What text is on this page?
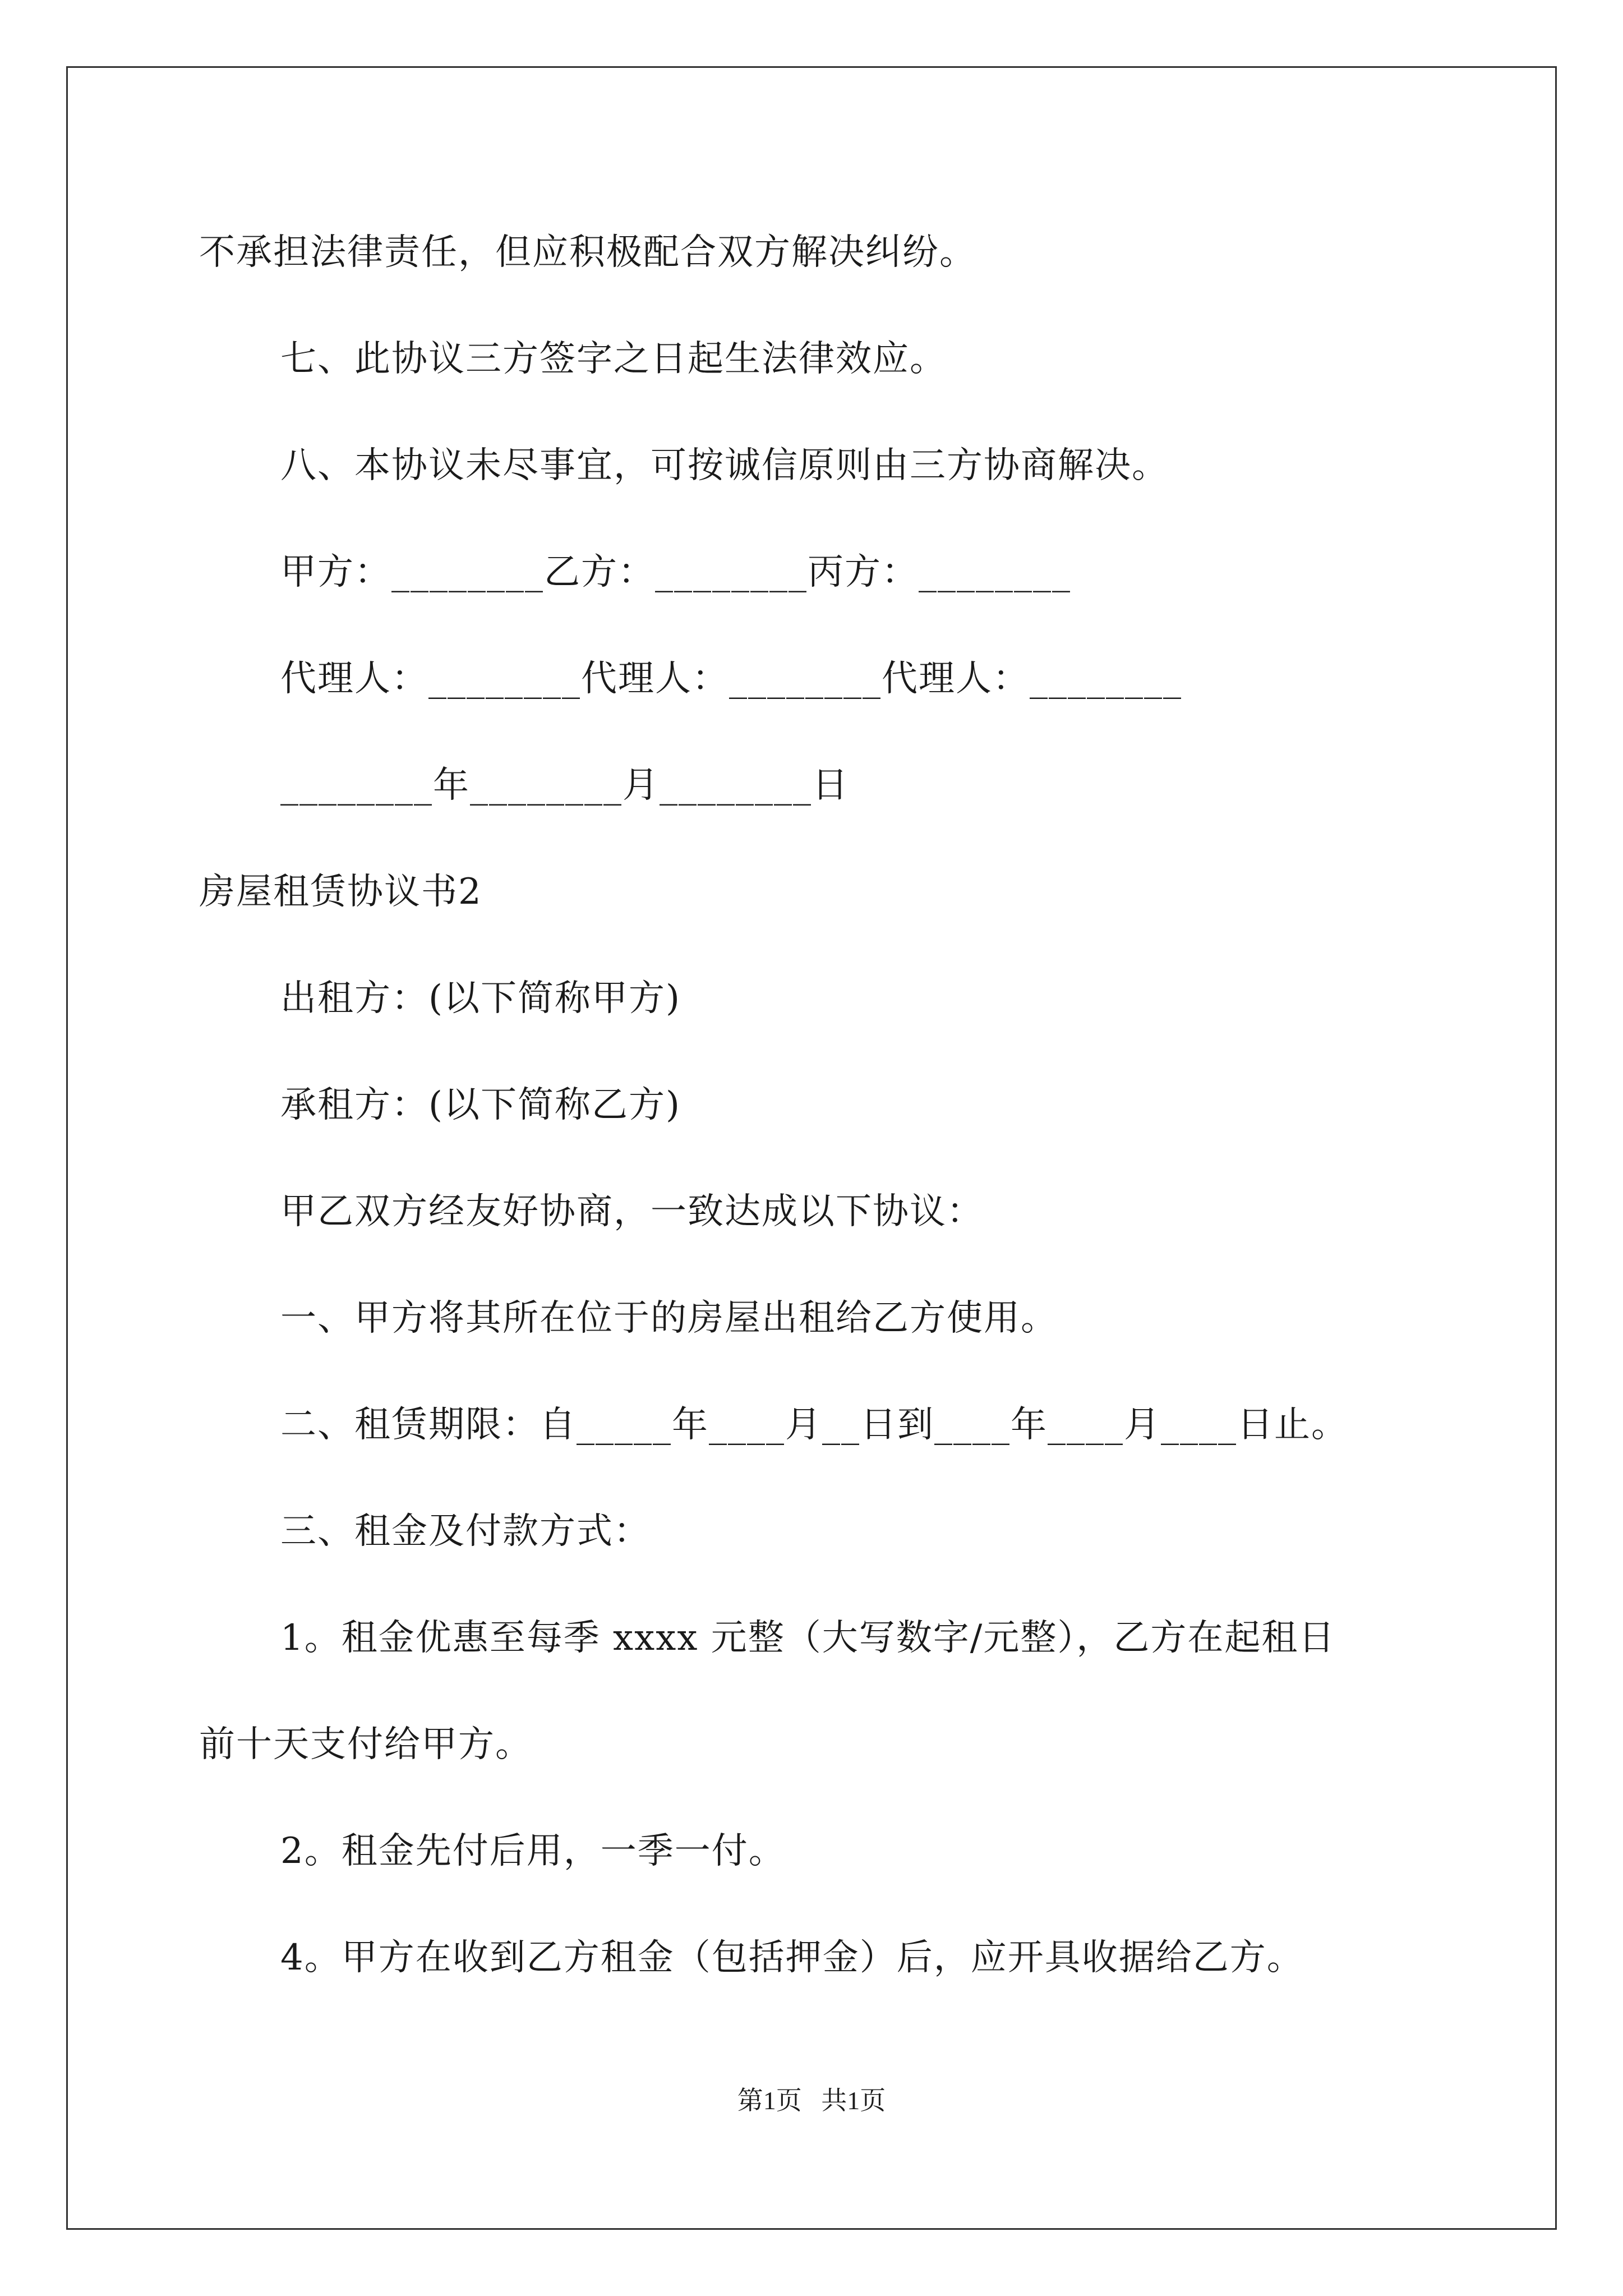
不承担法律责任，但应积极配合双方解决纠纷。
七、此协议三方签字之日起生法律效应。
八、本协议未尽事宜，可按诚信原则由三方协商解决。
甲方：________乙方：________丙方：________
代理人：________代理人：________代理人：________
________年________月________日
房屋租赁协议书2
出租方：(以下简称甲方)
承租方：(以下简称乙方)
甲乙双方经友好协商，一致达成以下协议：
一、甲方将其所在位于的房屋出租给乙方使用。
二、租赁期限：自_____年____月__日到____年____月____日止。
三、租金及付款方式：
1。租金优惠至每季 xxxx 元整（大写数字/元整），乙方在起租日
前十天支付给甲方。
2。租金先付后用，一季一付。
4。甲方在收到乙方租金（包括押金）后，应开具收据给乙方。
第1页   共1页
